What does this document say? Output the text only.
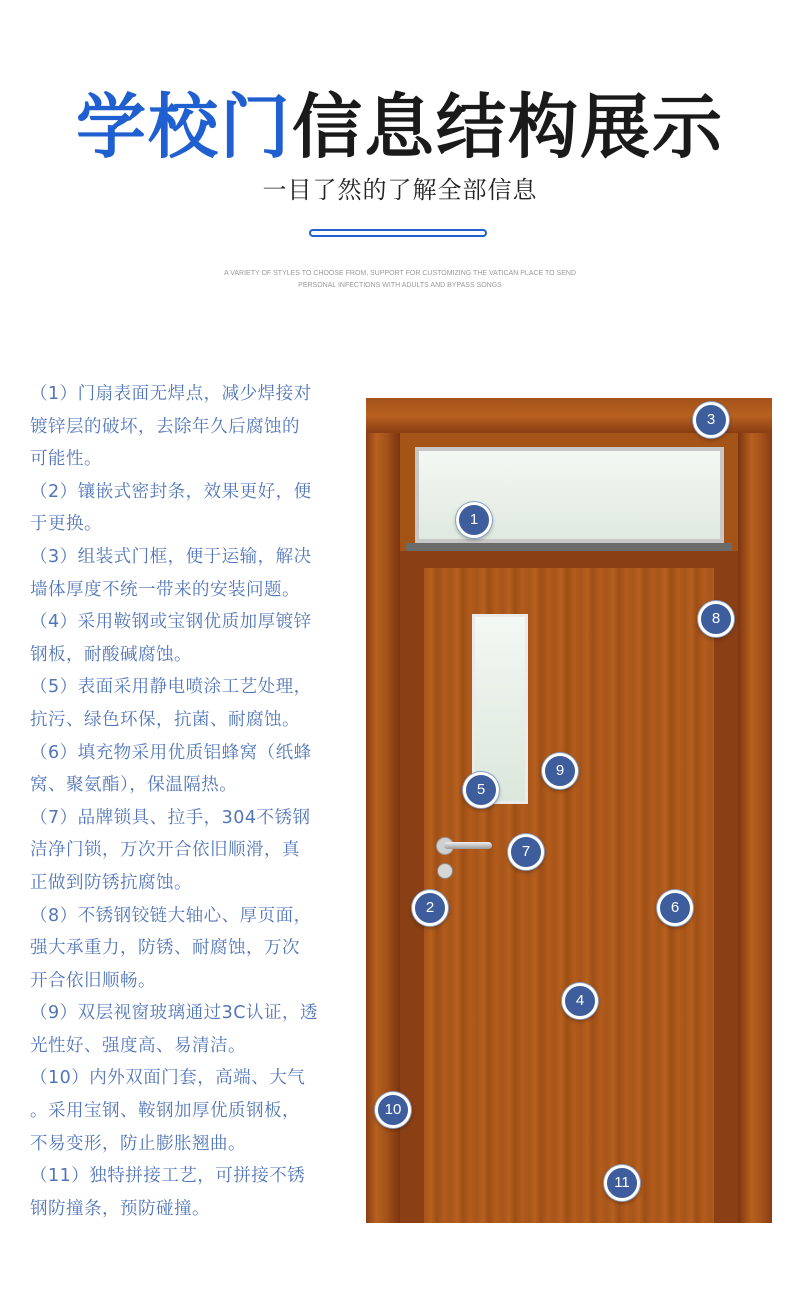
学校门信息结构展示
一目了然的了解全部信息
A VARIETY OF STYLES TO CHOOSE FROM, SUPPORT FOR CUSTOMIZING THE VATICAN PLACE TO SEND
PERSONAL INFECTIONS WITH ADULTS AND BYPASS SONGS

（1）门扇表面无焊点，减少焊接对

镀锌层的破坏，去除年久后腐蚀的

可能性。

（2）镶嵌式密封条，效果更好，便

于更换。

（3）组装式门框，便于运输，解决

墙体厚度不统一带来的安装问题。

（4）采用鞍钢或宝钢优质加厚镀锌

钢板，耐酸碱腐蚀。

（5）表面采用静电喷涂工艺处理，

抗污、绿色环保，抗菌、耐腐蚀。

（6）填充物采用优质铝蜂窝（纸蜂

窝、聚氨酯），保温隔热。

（7）品牌锁具、拉手，304不锈钢

洁净门锁，万次开合依旧顺滑，真

正做到防锈抗腐蚀。

（8）不锈钢铰链大轴心、厚页面，

强大承重力，防锈、耐腐蚀，万次

开合依旧顺畅。

（9）双层视窗玻璃通过3C认证，透

光性好、强度高、易清洁。

（10）内外双面门套，高端、大气

。采用宝钢、鞍钢加厚优质钢板，

不易变形，防止膨胀翘曲。

（11）独特拼接工艺，可拼接不锈

钢防撞条，预防碰撞。

1
2
3
4
5
6
7
8
9
10
11
